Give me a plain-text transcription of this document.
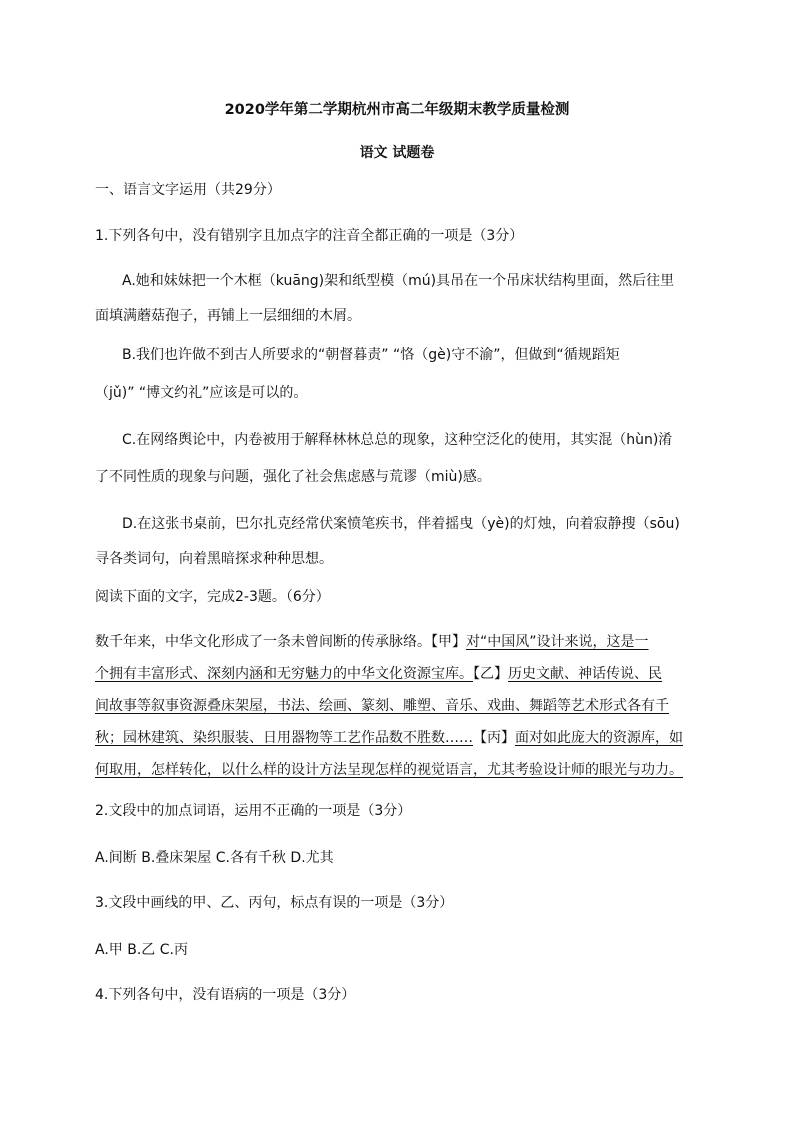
2020学年第二学期杭州市高二年级期末教学质量检测
语文 试题卷
一、语言文字运用（共29分）
1.下列各句中，没有错别字且加点字的注音全都正确的一项是（3分）
A.她和妹妹把一个木框（kuāng)架和纸型模（mú)具吊在一个吊床状结构里面，然后往里
面填满蘑菇孢子，再铺上一层细细的木屑。
B.我们也许做不到古人所要求的“朝督暮责” “恪（gè)守不渝”，但做到“循规蹈矩
（jǔ)” “博文约礼”应该是可以的。
C.在网络舆论中，内卷被用于解释林林总总的现象，这种空泛化的使用，其实混（hùn)淆
了不同性质的现象与问题，强化了社会焦虑感与荒谬（miù)感。
D.在这张书桌前，巴尔扎克经常伏案愤笔疾书，伴着摇曳（yè)的灯烛，向着寂静搜（sōu)
寻各类词句，向着黑暗探求种种思想。
阅读下面的文字，完成2-3题。（6分）
数千年来，中华文化形成了一条未曾间断的传承脉络。【甲】对“中国风”设计来说，这是一
个拥有丰富形式、深刻内涵和无穷魅力的中华文化资源宝库。【乙】历史文献、神话传说、民
间故事等叙事资源叠床架屋，书法、绘画、篆刻、雕塑、音乐、戏曲、舞蹈等艺术形式各有千
秋；园林建筑、染织服装、日用器物等工艺作品数不胜数……【丙】面对如此庞大的资源库，如
何取用，怎样转化，以什么样的设计方法呈现怎样的视觉语言，尤其考验设计师的眼光与功力。
2.文段中的加点词语，运用不正确的一项是（3分）
A.间断 B.叠床架屋 C.各有千秋 D.尤其
3.文段中画线的甲、乙、丙句，标点有误的一项是（3分）
A.甲 B.乙 C.丙
4.下列各句中，没有语病的一项是（3分）
